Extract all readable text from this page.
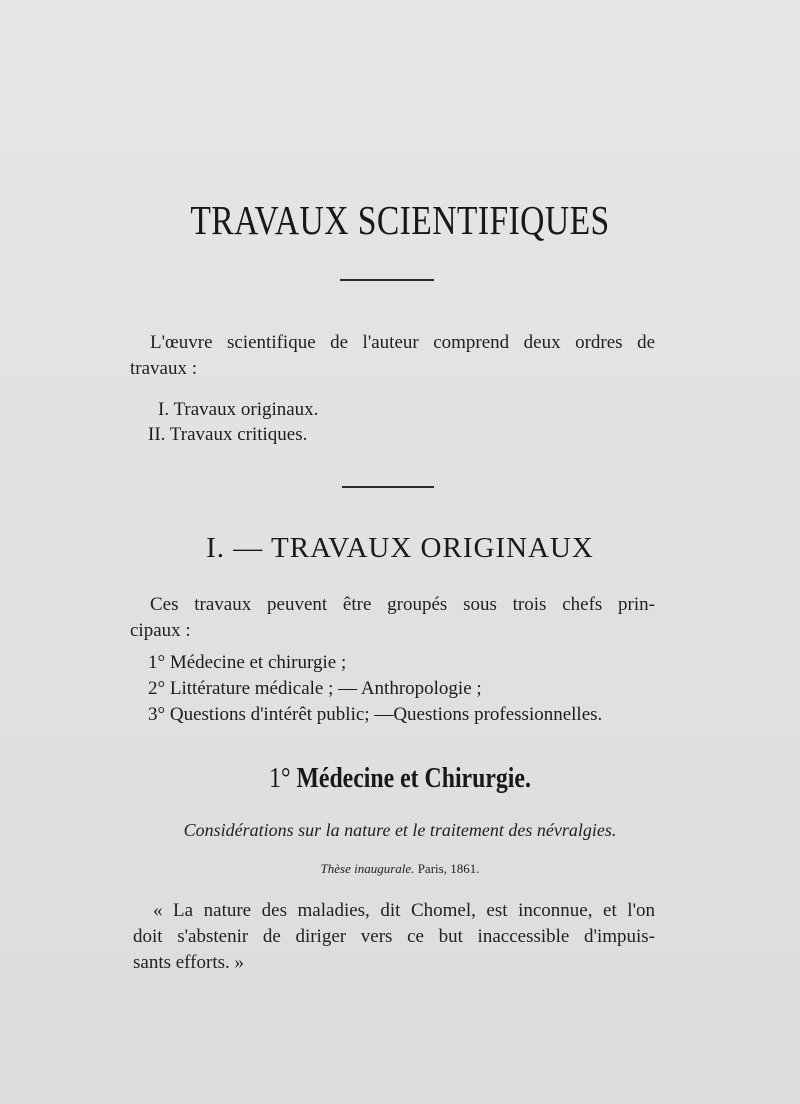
TRAVAUX SCIENTIFIQUES
L'œuvre scientifique de l'auteur comprend deux ordres de
travaux :
I. Travaux originaux.
II. Travaux critiques.
I. — TRAVAUX ORIGINAUX
Ces travaux peuvent être groupés sous trois chefs prin-
cipaux :
1° Médecine et chirurgie ;
2° Littérature médicale ; — Anthropologie ;
3° Questions d'intérêt public; —Questions professionnelles.
1° Médecine et Chirurgie.
Considérations sur la nature et le traitement des névralgies.
Thèse inaugurale. Paris, 1861.
« La nature des maladies, dit Chomel, est inconnue, et l'on
doit s'abstenir de diriger vers ce but inaccessible d'impuis-
sants efforts. »
